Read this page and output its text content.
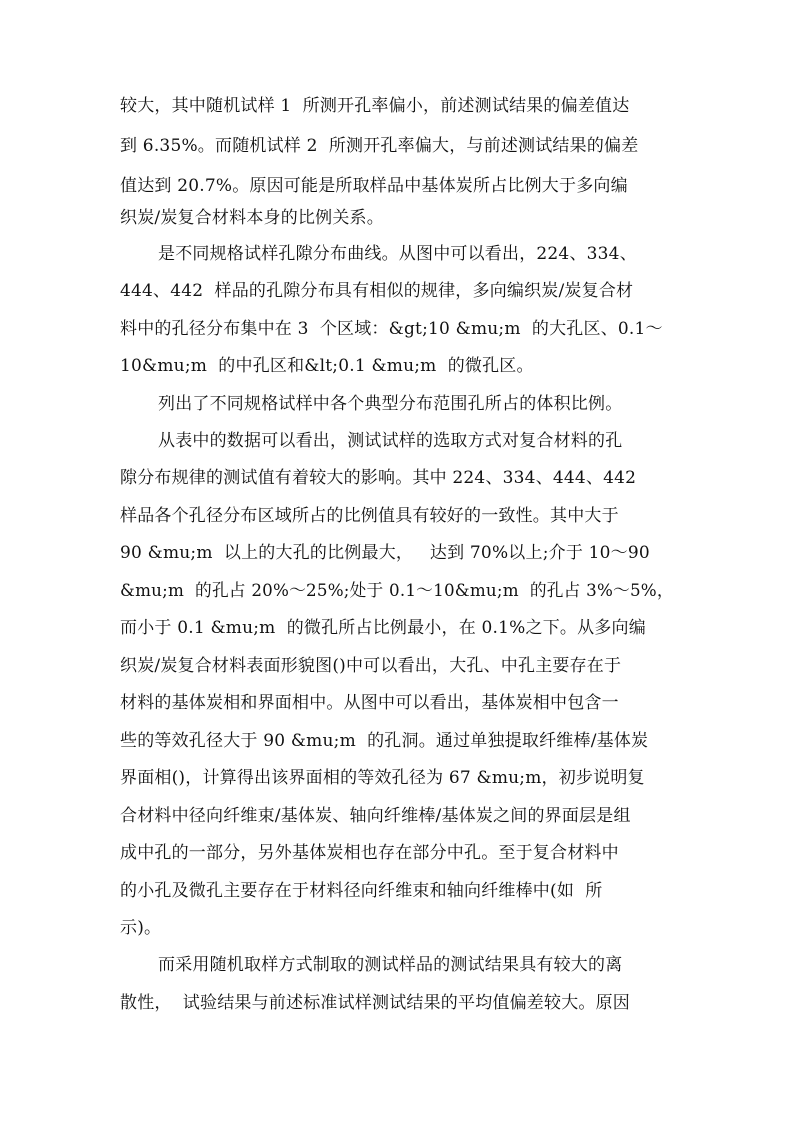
较大，其中随机试样 1  所测开孔率偏小，前述测试结果的偏差值达
到 6.35%。而随机试样 2  所测开孔率偏大，与前述测试结果的偏差
值达到 20.7%。原因可能是所取样品中基体炭所占比例大于多向编
织炭/炭复合材料本身的比例关系。
是不同规格试样孔隙分布曲线。从图中可以看出，224、334、
444、442  样品的孔隙分布具有相似的规律，多向编织炭/炭复合材
料中的孔径分布集中在 3  个区域：&gt;10 &mu;m  的大孔区、0.1～
10&mu;m  的中孔区和&lt;0.1 &mu;m  的微孔区。
列出了不同规格试样中各个典型分布范围孔所占的体积比例。
从表中的数据可以看出，测试试样的选取方式对复合材料的孔
隙分布规律的测试值有着较大的影响。其中 224、334、444、442
样品各个孔径分布区域所占的比例值具有较好的一致性。其中大于
90 &mu;m  以上的大孔的比例最大，   达到 70%以上;介于 10～90
&mu;m  的孔占 20%～25%;处于 0.1～10&mu;m  的孔占 3%～5%，
而小于 0.1 &mu;m  的微孔所占比例最小，在 0.1%之下。从多向编
织炭/炭复合材料表面形貌图()中可以看出，大孔、中孔主要存在于
材料的基体炭相和界面相中。从图中可以看出，基体炭相中包含一
些的等效孔径大于 90 &mu;m  的孔洞。通过单独提取纤维棒/基体炭
界面相()，计算得出该界面相的等效孔径为 67 &mu;m，初步说明复
合材料中径向纤维束/基体炭、轴向纤维棒/基体炭之间的界面层是组
成中孔的一部分，另外基体炭相也存在部分中孔。至于复合材料中
的小孔及微孔主要存在于材料径向纤维束和轴向纤维棒中(如  所
示)。
而采用随机取样方式制取的测试样品的测试结果具有较大的离
散性，  试验结果与前述标准试样测试结果的平均值偏差较大。原因
